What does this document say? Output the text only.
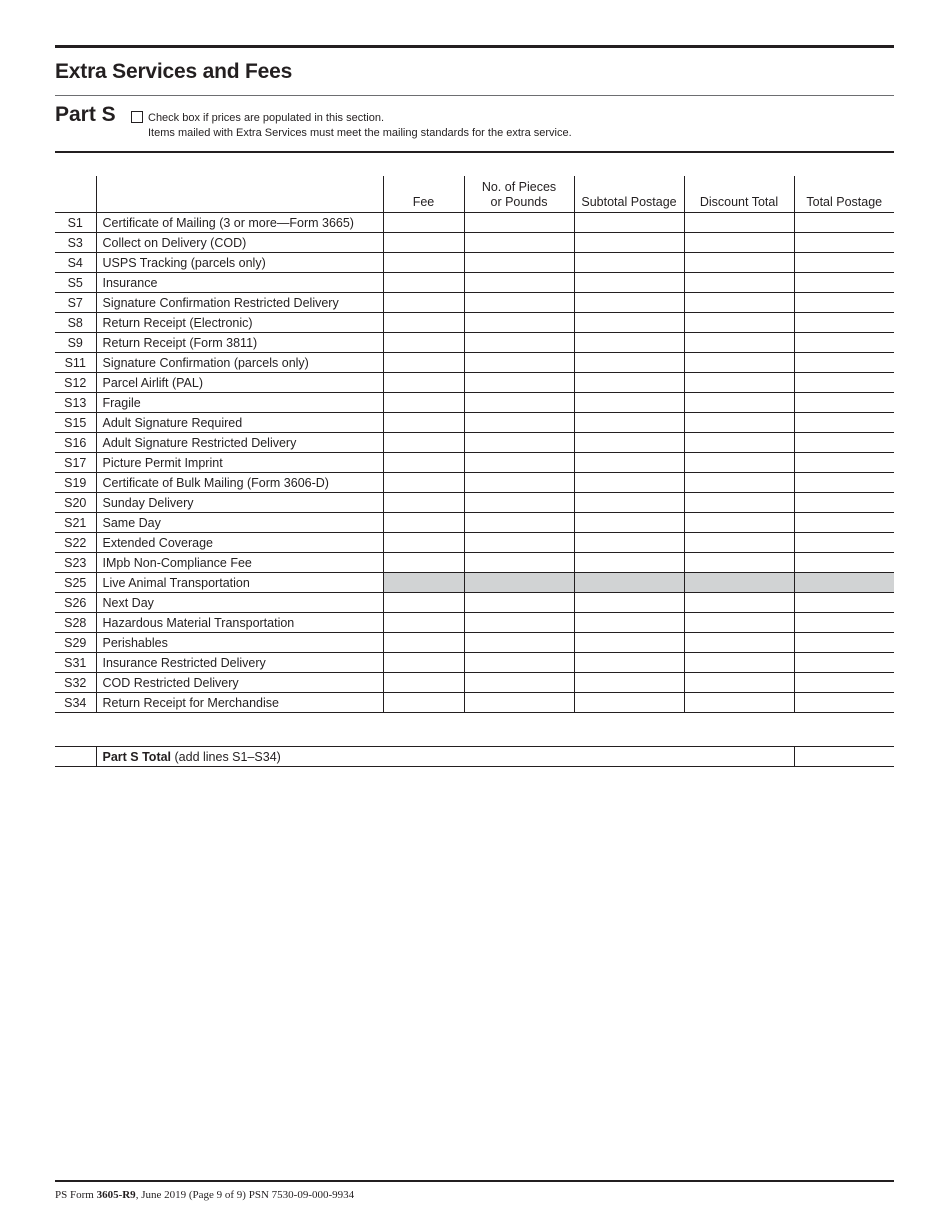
Extra Services and Fees
Part S	Check box if prices are populated in this section.
Items mailed with Extra Services must meet the mailing standards for the extra service.
		Fee	No. of Pieces
or Pounds	Subtotal Postage	Discount Total	Total Postage
S1	Certificate of Mailing (3 or more—Form 3665)					
S3	Collect on Delivery (COD)					
S4	USPS Tracking (parcels only)					
S5	Insurance					
S7	Signature Confirmation Restricted Delivery					
S8	Return Receipt (Electronic)					
S9	Return Receipt (Form 3811)					
S11	Signature Confirmation (parcels only)					
S12	Parcel Airlift (PAL)					
S13	Fragile					
S15	Adult Signature Required					
S16	Adult Signature Restricted Delivery					
S17	Picture Permit Imprint					
S19	Certificate of Bulk Mailing (Form 3606-D)					
S20	Sunday Delivery					
S21	Same Day					
S22	Extended Coverage					
S23	IMpb Non-Compliance Fee					
S25	Live Animal Transportation					
S26	Next Day					
S28	Hazardous Material Transportation					
S29	Perishables					
S31	Insurance Restricted Delivery					
S32	COD Restricted Delivery					
S34	Return Receipt for Merchandise					
	Part S Total (add lines S1–S34)	
PS Form 3605-R9, June 2019 (Page 9 of 9) PSN 7530-09-000-9934
